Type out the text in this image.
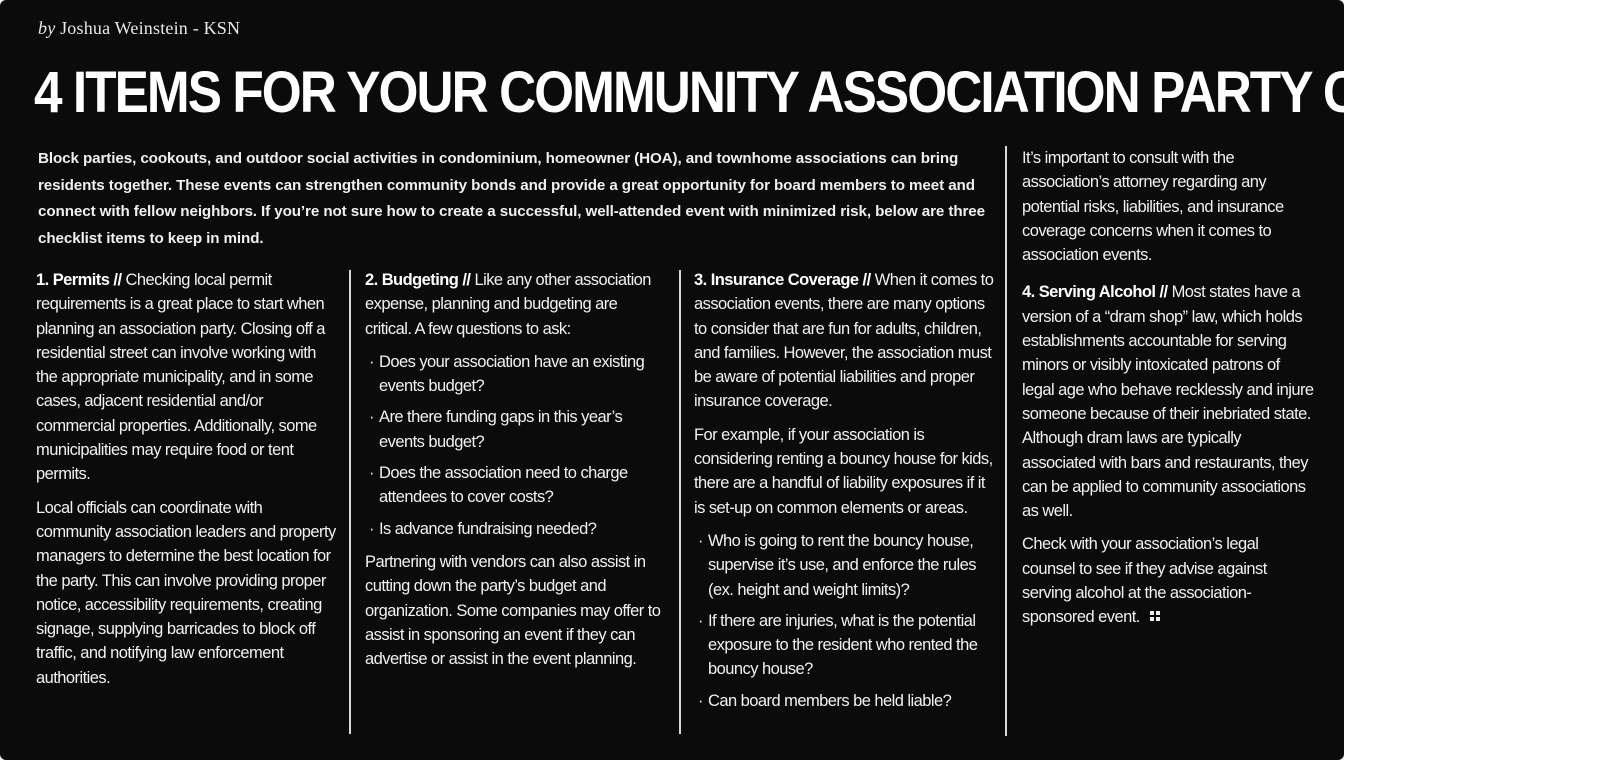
by Joshua Weinstein - KSN
4 ITEMS FOR YOUR COMMUNITY ASSOCIATION PARTY CHECKLIST
Block parties, cookouts, and outdoor social activities in condominium, homeowner (HOA), and townhome associations can bring residents together. These events can strengthen community bonds and provide a great opportunity for board members to meet and connect with fellow neighbors. If you’re not sure how to create a successful, well-attended event with minimized risk, below are three checklist items to keep in mind.

1. Permits // Checking local permit requirements is a great place to start when planning an association party. Closing off a residential street can involve working with the appropriate municipality, and in some cases, adjacent residential and/or commercial properties. Additionally, some municipalities may require food or tent permits.

Local officials can coordinate with community association leaders and property managers to determine the best location for the party. This can involve providing proper notice, accessibility requirements, creating signage, supplying barricades to block off traffic, and notifying law enforcement authorities.

2. Budgeting // Like any other association expense, planning and budgeting are critical. A few questions to ask:

· Does your association have an existing events budget?
· Are there funding gaps in this year’s events budget?
· Does the association need to charge attendees to cover costs?
· Is advance fundraising needed?

Partnering with vendors can also assist in cutting down the party’s budget and organization. Some companies may offer to assist in sponsoring an event if they can advertise or assist in the event planning.

3. Insurance Coverage // When it comes to association events, there are many options to consider that are fun for adults, children, and families. However, the association must be aware of potential liabilities and proper insurance coverage.

For example, if your association is considering renting a bouncy house for kids, there are a handful of liability exposures if it is set-up on common elements or areas.

· Who is going to rent the bouncy house, supervise it’s use, and enforce the rules (ex. height and weight limits)?
· If there are injuries, what is the potential exposure to the resident who rented the bouncy house?
· Can board members be held liable?

It’s important to consult with the association’s attorney regarding any potential risks, liabilities, and insurance coverage concerns when it comes to association events.

4. Serving Alcohol // Most states have a version of a “dram shop” law, which holds establishments accountable for serving minors or visibly intoxicated patrons of legal age who behave recklessly and injure someone because of their inebriated state. Although dram laws are typically associated with bars and restaurants, they can be applied to community associations as well.

Check with your association’s legal counsel to see if they advise against serving alcohol at the association-sponsored event.
